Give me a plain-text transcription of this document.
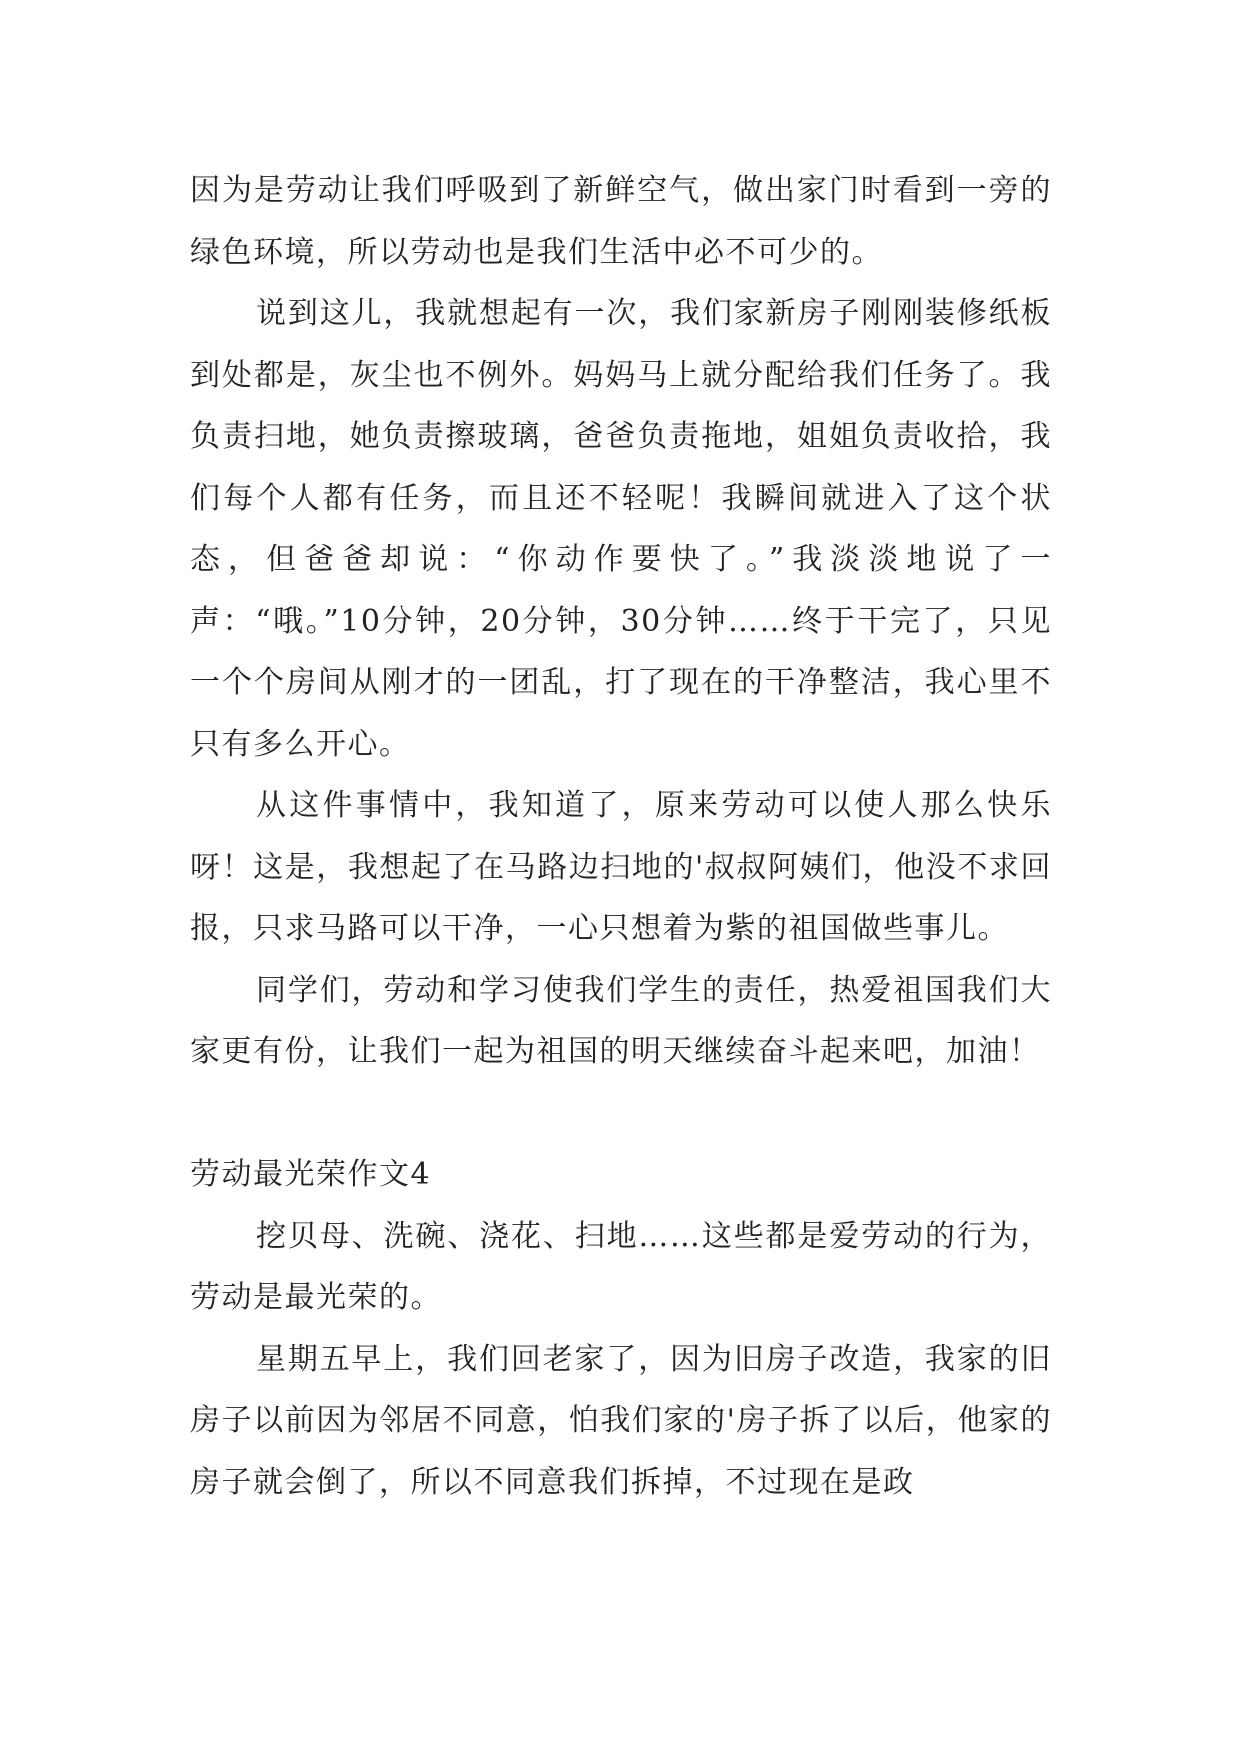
因为是劳动让我们呼吸到了新鲜空气，做出家门时看到一旁的绿色环境，所以劳动也是我们生活中必不可少的。

说到这儿，我就想起有一次，我们家新房子刚刚装修纸板到处都是，灰尘也不例外。妈妈马上就分配给我们任务了。我负责扫地，她负责擦玻璃，爸爸负责拖地，姐姐负责收拾，我们每个人都有任务，而且还不轻呢！我瞬间就进入了这个状态，但爸爸却说：“你动作要快了。”我淡淡地说了一声：“哦。”10分钟，20分钟，30分钟……终于干完了，只见一个个房间从刚才的一团乱，打了现在的干净整洁，我心里不只有多么开心。

从这件事情中，我知道了，原来劳动可以使人那么快乐呀！这是，我想起了在马路边扫地的'叔叔阿姨们，他没不求回报，只求马路可以干净，一心只想着为紫的祖国做些事儿。

同学们，劳动和学习使我们学生的责任，热爱祖国我们大家更有份，让我们一起为祖国的明天继续奋斗起来吧，加油！

劳动最光荣作文4

挖贝母、洗碗、浇花、扫地……这些都是爱劳动的行为，劳动是最光荣的。

星期五早上，我们回老家了，因为旧房子改造，我家的旧房子以前因为邻居不同意，怕我们家的'房子拆了以后，他家的房子就会倒了，所以不同意我们拆掉，不过现在是政
